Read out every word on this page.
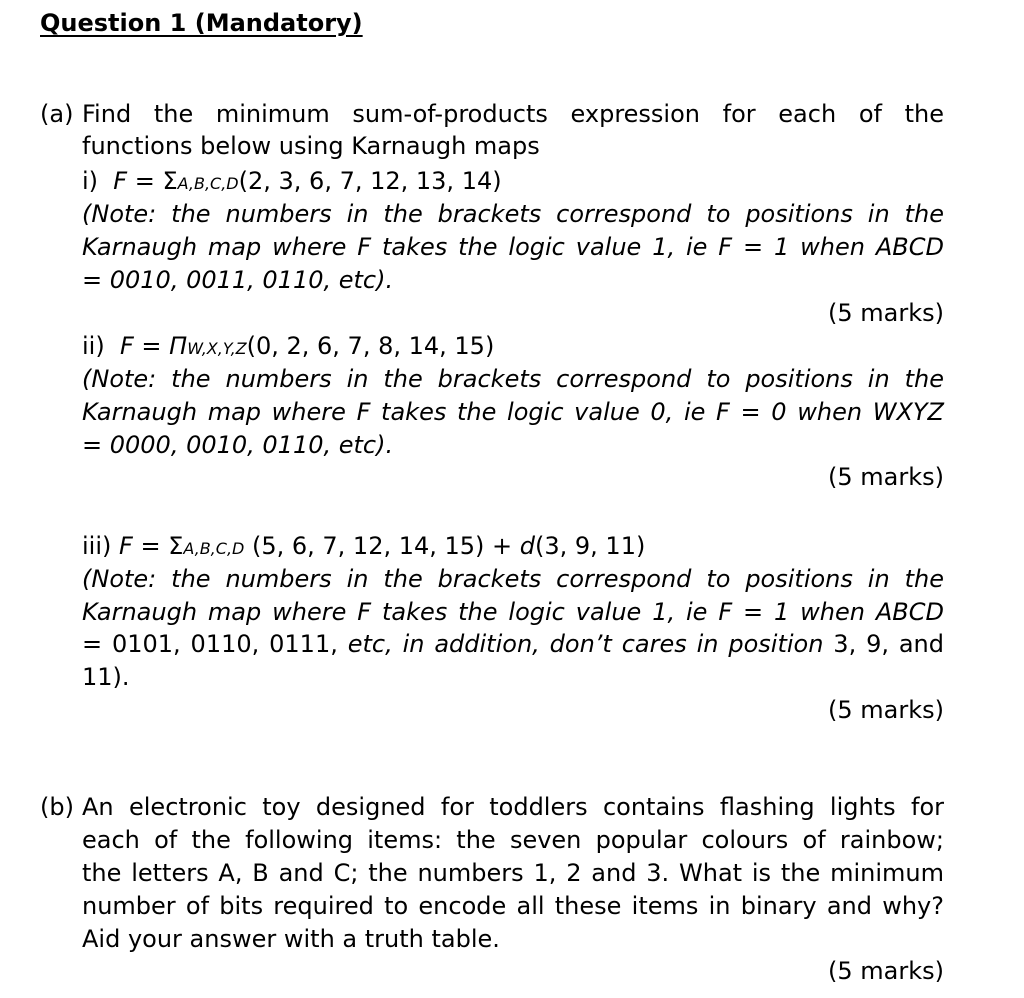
Question 1 (Mandatory)
(a) Find the minimum sum-of-products expression for each of the
functions below using Karnaugh maps
i) F = ΣA,B,C,D(2, 3, 6, 7, 12, 13, 14)
(Note: the numbers in the brackets correspond to positions in the
Karnaugh map where F takes the logic value 1, ie F = 1 when ABCD
= 0010, 0011, 0110, etc).
(5 marks)
ii) F = ΠW,X,Y,Z(0, 2, 6, 7, 8, 14, 15)
(Note: the numbers in the brackets correspond to positions in the
Karnaugh map where F takes the logic value 0, ie F = 0 when WXYZ
= 0000, 0010, 0110, etc).
(5 marks)
iii) F = ΣA,B,C,D (5, 6, 7, 12, 14, 15) + d(3, 9, 11)
(Note: the numbers in the brackets correspond to positions in the
Karnaugh map where F takes the logic value 1, ie F = 1 when ABCD
= 0101, 0110, 0111, etc, in addition, don’t cares in position 3, 9, and
11).
(5 marks)
(b) An electronic toy designed for toddlers contains flashing lights for
each of the following items: the seven popular colours of rainbow;
the letters A, B and C; the numbers 1, 2 and 3. What is the minimum
number of bits required to encode all these items in binary and why?
Aid your answer with a truth table.
(5 marks)
